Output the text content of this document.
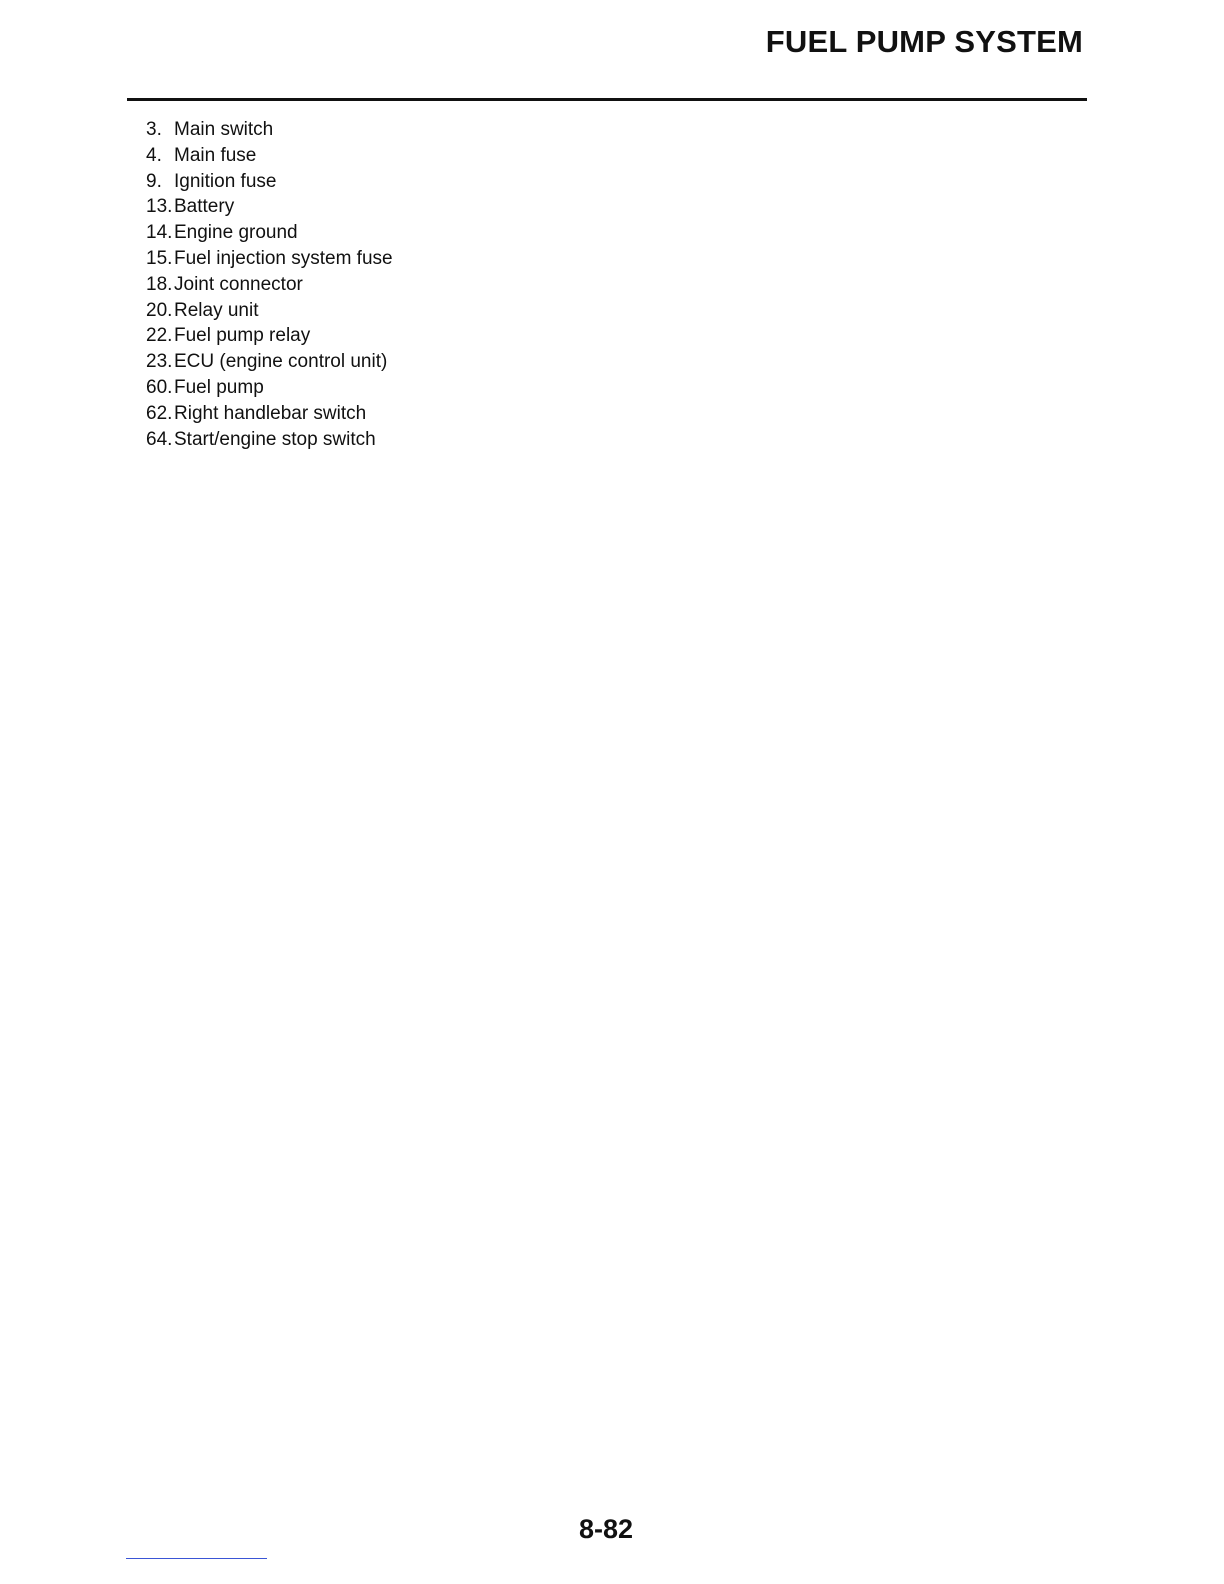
FUEL PUMP SYSTEM
3. Main switch
4. Main fuse
9. Ignition fuse
13. Battery
14. Engine ground
15. Fuel injection system fuse
18. Joint connector
20. Relay unit
22. Fuel pump relay
23. ECU (engine control unit)
60. Fuel pump
62. Right handlebar switch
64. Start/engine stop switch
8-82
